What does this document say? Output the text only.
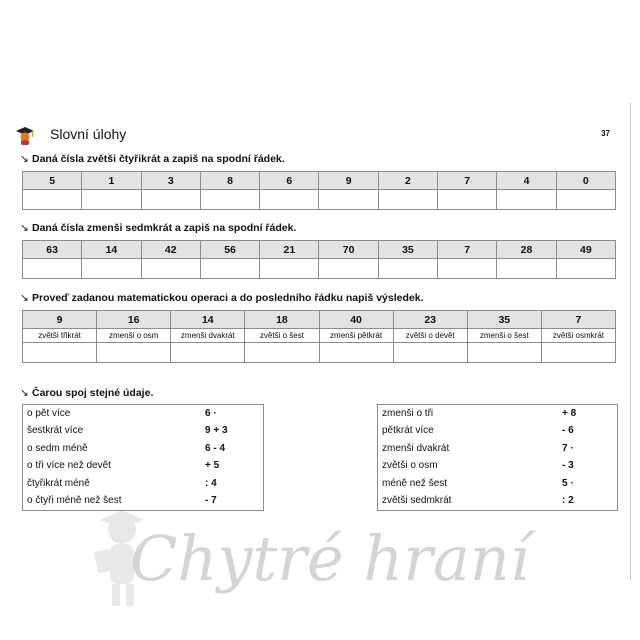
Slovní úlohy	37
↘ Daná čísla zvětši čtyřikrát a zapiš na spodní řádek.
5	1	3	8	6	9	2	7	4	0

↘ Daná čísla zmenši sedmkrát a zapiš na spodní řádek.
63	14	42	56	21	70	35	7	28	49

↘ Proveď zadanou matematickou operaci a do posledního řádku napiš výsledek.
9	16	14	18	40	23	35	7
zvětši třikrát	zmenši o osm	zmenši dvakrát	zvětši o šest	zmenši pětkrát	zvětši o devět	zmenši o šest	zvětši osmkrát

↘ Čarou spoj stejné údaje.
o pět více	6 ·
šestkrát více	9 + 3
o sedm méně	6 - 4
o tři více než devět	+ 5
čtyřikrát méně	: 4
o čtyři méně než šest	- 7
zmenši o tři	+ 8
pětkrát více	- 6
zmenši dvakrát	7 ·
zvětši o osm	- 3
méně než šest	5 ·
zvětši sedmkrát	: 2
Chytré hraní
